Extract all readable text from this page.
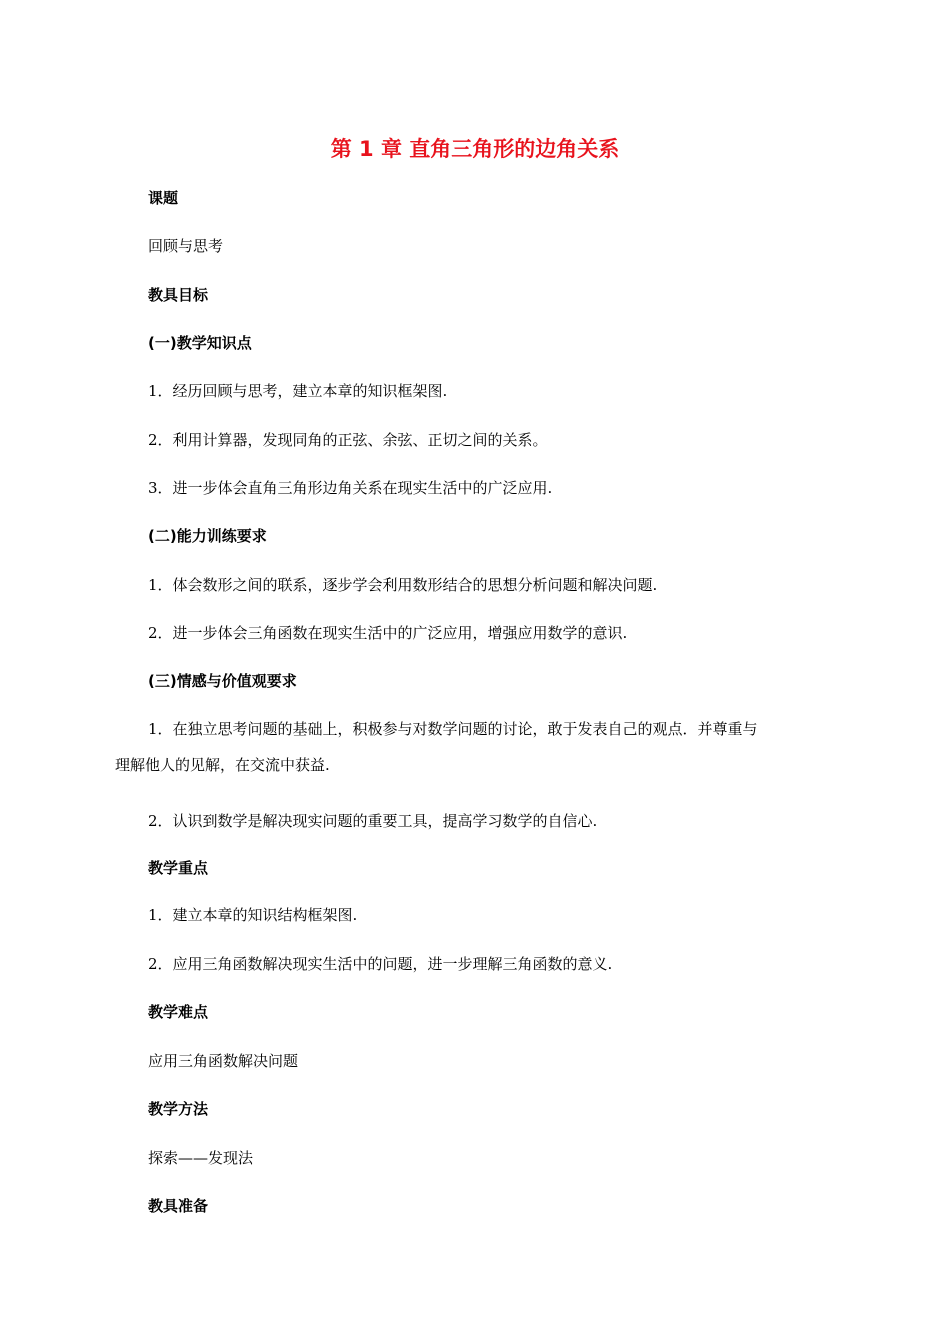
第 1 章 直角三角形的边角关系
课题
回顾与思考
教具目标
(一)教学知识点
1．经历回顾与思考，建立本章的知识框架图.
2．利用计算器，发现同角的正弦、余弦、正切之间的关系。
3．进一步体会直角三角形边角关系在现实生活中的广泛应用.
(二)能力训练要求
1．体会数形之间的联系，逐步学会利用数形结合的思想分析问题和解决问题.
2．进一步体会三角函数在现实生活中的广泛应用，增强应用数学的意识.
(三)情感与价值观要求
1．在独立思考问题的基础上，积极参与对数学问题的讨论，敢于发表自己的观点．并尊重与
理解他人的见解，在交流中获益.
2．认识到数学是解决现实问题的重要工具，提高学习数学的自信心.
教学重点
1．建立本章的知识结构框架图.
2．应用三角函数解决现实生活中的问题，进一步理解三角函数的意义.
教学难点
应用三角函数解决问题
教学方法
探索——发现法
教具准备
